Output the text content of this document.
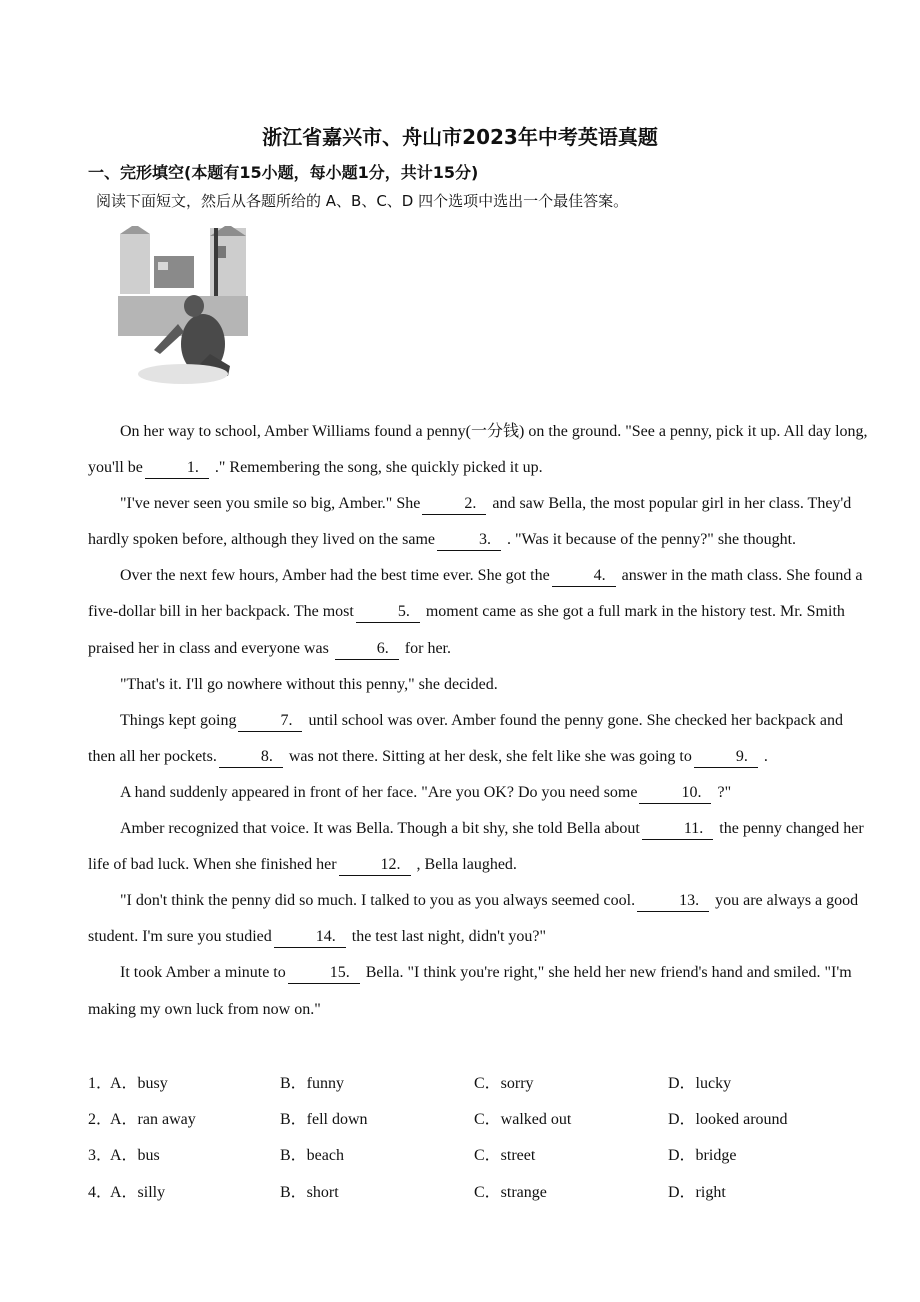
浙江省嘉兴市、舟山市2023年中考英语真题
一、完形填空(本题有15小题，每小题1分，共计15分)

阅读下面短文，然后从各题所给的 A、B、C、D 四个选项中选出一个最佳答案。

On her way to school, Amber Williams found a penny(一分钱) on the ground. "See a penny, pick it up. All day long, you'll be	1. ." Remembering the song, she quickly picked it up.

"I've never seen you smile so big, Amber." She	2. and saw Bella, the most popular girl in her class. They'd hardly spoken before, although they lived on the same	3. . "Was it because of the penny?" she thought.

Over the next few hours, Amber had the best time ever. She got the	4. answer in the math class. She found a five-dollar bill in her backpack. The most	5. moment came as she got a full mark in the history test. Mr. Smith praised her in class and everyone was	6. for her.

"That's it. I'll go nowhere without this penny," she decided.

Things kept going	7. until school was over. Amber found the penny gone. She checked her backpack and then all her pockets.	8. was not there. Sitting at her desk, she felt like she was going to	9. .

A hand suddenly appeared in front of her face. "Are you OK? Do you need some	10. ?"

Amber recognized that voice. It was Bella. Though a bit shy, she told Bella about	11. the penny changed her life of bad luck. When she finished her	12. , Bella laughed.

"I don't think the penny did so much. I talked to you as you always seemed cool.	13. you are always a good student. I'm sure you studied	14. the test last night, didn't you?"

It took Amber a minute to	15. Bella. "I think you're right," she held her new friend's hand and smiled. "I'm making my own luck from now on."

1．
A．busy	B．funny	C．sorry	D．lucky
2．
A．ran away	B．fell down	C．walked out	D．looked around
3．
A．bus	B．beach	C．street	D．bridge
4．
A．silly	B．short	C．strange	D．right
